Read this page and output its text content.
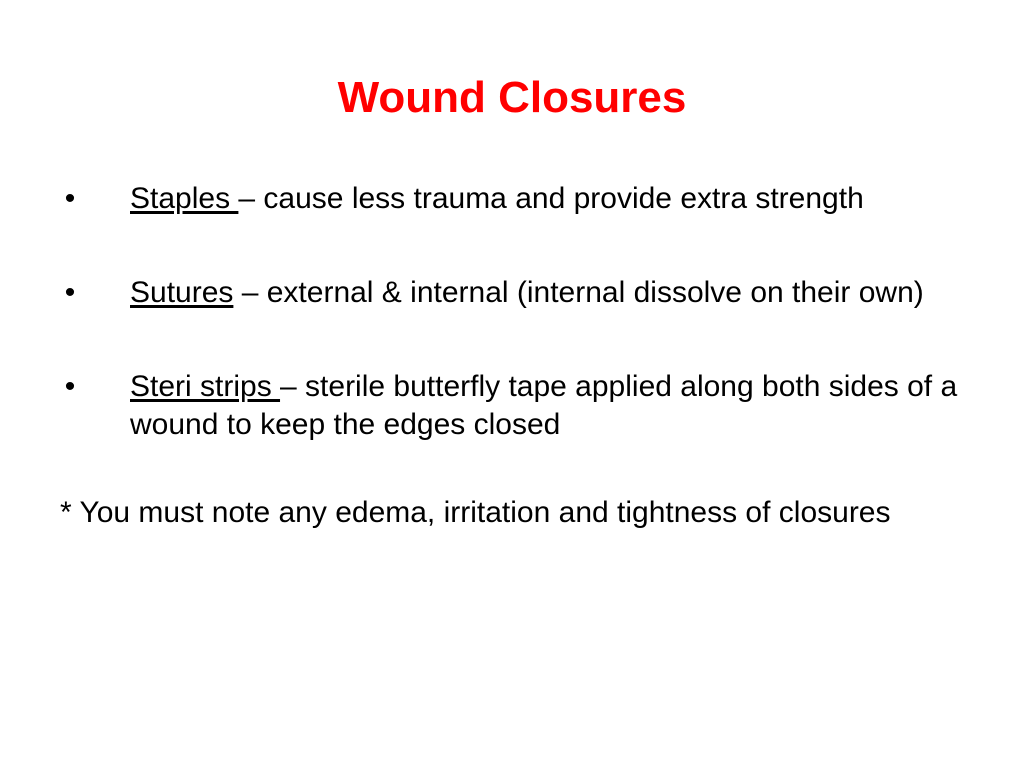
Wound Closures
• Staples – cause less trauma and provide extra strength
• Sutures – external & internal (internal dissolve on their own)
• Steri strips – sterile butterfly tape applied along both sides of a wound to keep the edges closed
* You must note any edema, irritation and tightness of closures
